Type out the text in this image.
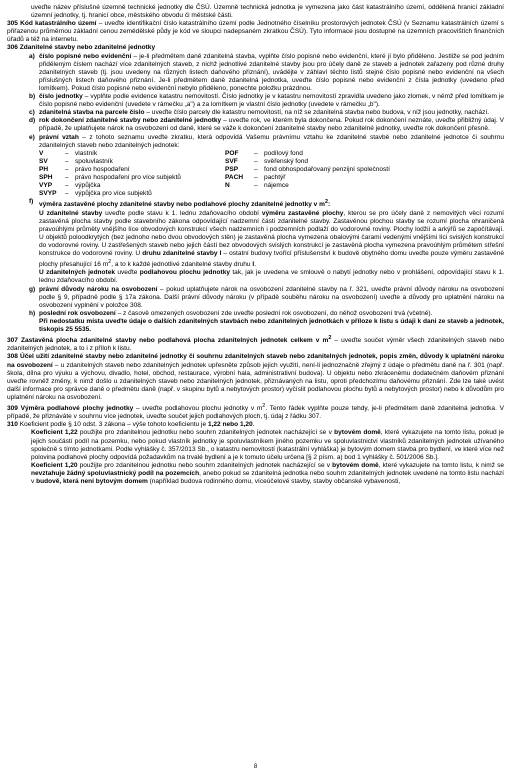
uveďte název příslušné územně technické jednotky dle ČSÚ. Územně technická jednotka je vymezena jako část katastrálního území, oddělená hranicí základní územní jednotky, tj. hranicí obce, městského obvodu či městské části.

305 Kód katastrálního území – uveďte identifikační číslo katastrálního území podle Jednotného číselníku prostorových jednotek ČSÚ (v Seznamu katastrálních území s přiřazenou průměrnou základní cenou zemědělské půdy je kód ve sloupci nadepsaném zkratkou ČSÚ). Tyto informace jsou dostupné na územních pracovištích finančních úřadů a též na internetu.

306 Zdanitelné stavby nebo zdanitelné jednotky

a) číslo popisné nebo evidenční – je-li předmětem daně zdanitelná stavba, vyplňte číslo popisné nebo evidenční, které jí bylo přiděleno. Jestliže se pod jedním přiděleným číslem nachází více zdanitelných staveb, z nichž jednotlivé zdanitelné stavby jsou pro účely daně ze staveb a jednotek zařazeny pod různé druhy zdanitelných staveb (tj. jsou uvedeny na různých listech daňového přiznání), uvádějte v záhlaví těchto listů stejné číslo popisné nebo evidenční na všech příslušných listech daňového přiznání. Je-li předmětem daně zdanitelná jednotka, uveďte číslo popisné nebo evidenční z čísla jednotky (uvedeno před lomítkem). Pokud číslo popisné nebo evidenční nebylo přiděleno, ponechte položku prázdnou.
b) číslo jednotky – vyplňte podle evidence katastru nemovitostí. Číslo jednotky je v katastru nemovitostí zpravidla uvedeno jako zlomek, v němž před lomítkem je číslo popisné nebo evidenční (uvedete v rámečku „a") a za lomítkem je vlastní číslo jednotky (uvedete v rámečku „b").
c) zdanitelná stavba na parcele číslo – uveďte číslo parcely dle katastru nemovitostí, na níž se zdanitelná stavba nebo budova, v níž jsou jednotky, nachází.
d) rok dokončení zdanitelné stavby nebo zdanitelné jednotky – uveďte rok, ve kterém byla dokončena. Pokud rok dokončení neznáte, uveďte přibližný údaj. V případě, že uplatňujete nárok na osvobození od daně, které se váže k dokončení zdanitelné stavby nebo zdanitelné jednotky, uveďte rok dokončení přesně.
e) právní vztah – z tohoto seznamu uveďte zkratku, která odpovídá Vašemu právnímu vztahu ke zdanitelné stavbě nebo zdanitelné jednotce či souhrnu zdanitelných staveb nebo zdanitelných jednotek:
V	–	vlastník	POF	–	podílový fond
SV	–	spoluvlastník	SVF	–	svěřenský fond
PH	–	právo hospodaření	PSP	–	fond obhospodařovaný penzijní společností
SPH	–	právo hospodaření pro více subjektů	PACH	–	pachtýř
VYP	–	výpůjčka	N	–	nájemce
SVYP	–	výpůjčka pro více subjektů			
f) výměra zastavěné plochy zdanitelné stavby nebo podlahové plochy zdanitelné jednotky v $m^2$:

U zdanitelné stavby uveďte podle stavu k 1. lednu zdaňovacího období výměru zastavěné plochy, kterou se pro účely daně z nemovitých věcí rozumí zastavěná plocha stavby podle stavebního zákona odpovídající nadzemní části zdanitelné stavby. Zastavěnou plochou stavby se rozumí plocha ohraničená pravoúhlými průměty vnějšího líce obvodových konstrukcí všech nadzemních i podzemních podlaží do vodorovné roviny. Plochy lodžií a arkýřů se započítávají. U objektů poloodkrytých (bez jednoho nebo dvou obvodových stěn) je zastavěná plocha vymezena obalovými čarami vedenými vnějšími líci svislých konstrukcí do vodorovné roviny. U zastřešených staveb nebo jejich částí bez obvodových svislých konstrukcí je zastavěná plocha vymezena pravoúhlým průmětem střešní konstrukce do vodorovné roviny. U druhu zdanitelné stavby I – ostatní budovy tvořící příslušenství k budově obytného domu uveďte pouze výměru zastavěné plochy přesahující 16 $m^2$, a to k každé jednotlivé zdanitelné stavby druhu I.

U zdanitelných jednotek uveďte podlahovou plochu jednotky tak, jak je uvedena ve smlouvě o nabytí jednotky nebo v prohlášení, odpovídající stavu k 1. lednu zdaňovacího období.

g) právní důvody nároku na osvobození – pokud uplatňujete nárok na osvobození zdanitelné stavby na ř. 321, uveďte právní důvody nároku na osvobození podle § 9, případně podle § 17a zákona. Další právní důvody nároku (v případě souběhu nároku na osvobození) uveďte a důvody pro uplatnění nároku na osvobození vyplnění v položce 308.
h) poslední rok osvobození – z časově omezených osvobození zde uveďte poslední rok osvobození, do něhož osvobození trvá (včetně).

Při nedostatku místa uveďte údaje o dalších zdanitelných stavbách nebo zdanitelných jednotkách v příloze k listu s údaji k dani ze staveb a jednotek, tiskopis 25 5535.

307 Zastavěná plocha zdanitelné stavby nebo podlahová plocha zdanitelných jednotek celkem v $m^2$ – uveďte součet výměr všech zdanitelných staveb nebo zdanitelných jednotek, a to i z příloh k listu.

308 Účel užití zdanitelné stavby nebo zdanitelné jednotky či souhrnu zdanitelných staveb nebo zdanitelných jednotek, popis změn, důvody k uplatnění nároku na osvobození – u zdanitelných staveb nebo zdanitelných jednotek upřesněte způsob jejich využití, není-li jednoznačně zřejmý z údaje o předmětu daně na ř. 301 (např. škola, dílna pro výuku a výchovu, divadlo, hotel, obchod, restaurace, výrobní hala, administrativní budova). U objektu nebo zkrácenému dodatečném daňovém přiznání uveďte rovněž změny, k nimž došlo u zdanitelných staveb nebo zdanitelných jednotek, přiznávaných na listu, oproti předchozímu daňovému přiznání. Zde lze také uvést další informace pro správce daně o předmětu daně (např. v skupinu bytů a nebytových prostor) vyčíslit podlahovou plochu bytů a nebytových prostor) nebo k důvodům pro uplatnění nároku na osvobození.

309 Výměra podlahové plochy jednotky – uveďte podlahovou plochu jednotky v $m^2$. Tento řádek vyplňte pouze tehdy, je-li předmětem daně zdanitelná jednotka. V případě, že přiznáváte v souhrnu více jednotek, uveďte součet jejich podlahových ploch, tj. údaj z řádku 307.

310 Koeficient podle § 10 odst. 3 zákona – výše tohoto koeficientu je 1,22 nebo 1,20.

Koeficient 1,22 použijte pro zdanitelnou jednotku nebo souhrn zdanitelných jednotek nacházející se v bytovém domě, které vykazujete na tomto listu, pokud je jejich součástí podíl na pozemku, nebo pokud vlastník jednotky je spoluvlastníkem jiného pozemku ve spoluvlastnictví vlastníků zdanitelných jednotek užívaného společně s tímto jednotkami. Podle vyhlášky č. 357/2013 Sb., o katastru nemovitostí (katastrální vyhláška) je bytovým domem stavba pro bydlení, ve které více než polovina podlahové plochy odpovídá požadavkům na trvalé bydlení a je k tomuto účelu určena [§ 2 písm. a) bod 1 vyhlášky č. 501/2006 Sb.].

Koeficient 1,20 použijte pro zdanitelnou jednotku nebo souhrn zdanitelných jednotek nacházející se v bytovém domě, které vykazujete na tomto listu, k nimž se nevztahuje žádný spoluvlastnický podíl na pozemcích, anebo pokud se zdanitelná jednotka nebo souhrn zdanitelných jednotek uvedené na tomto listu nachází v budově, která není bytovým domem (například budova rodinného domu, víceúčelové stavby, stavby občanské vybavenosti,

8
